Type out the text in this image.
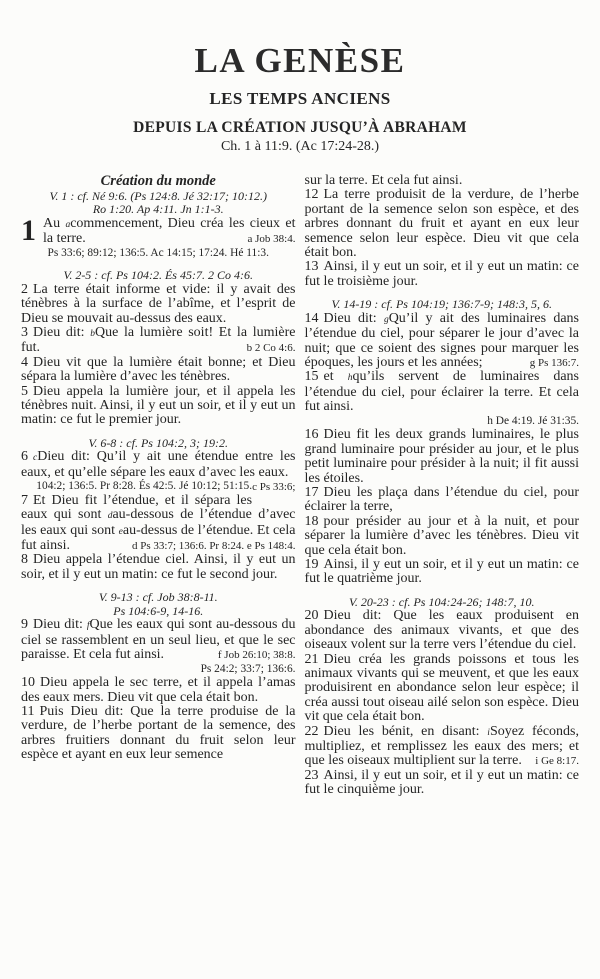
LA GENÈSE
LES TEMPS ANCIENS
DEPUIS LA CRÉATION JUSQU’À ABRAHAM
Ch. 1 à 11:9. (Ac 17:24-28.)
Création du monde
V. 1 : cf. Né 9:6. (Ps 124:8. Jé 32:17; 10:12.)
Ro 1:20. Ap 4:11. Jn 1:1-3.

1 Au acommencement, Dieu créa les cieux et la terre.	a Job 38:4.

Ps 33:6; 89:12; 136:5. Ac 14:15; 17:24. Hé 11:3.
V. 2-5 : cf. Ps 104:2. És 45:7. 2 Co 4:6.

2 La terre était informe et vide: il y avait des ténèbres à la surface de l’abîme, et l’esprit de Dieu se mouvait au-dessus des eaux.

3 Dieu dit: bQue la lumière soit! Et la lumière fut.	b 2 Co 4:6.

4 Dieu vit que la lumière était bonne; et Dieu sépara la lumière d’avec les ténèbres.

5 Dieu appela la lumière jour, et il appela les ténèbres nuit. Ainsi, il y eut un soir, et il y eut un matin: ce fut le premier jour.

V. 6-8 : cf. Ps 104:2, 3; 19:2.

6 cDieu dit: Qu’il y ait une étendue entre les eaux, et qu’elle sépare les eaux d’avec les eaux.
c Ps 33:6;

104:2; 136:5. Pr 8:28. És 42:5. Jé 10:12; 51:15.

7 Et Dieu fit l’étendue, et il sépara les eaux qui sont dau-dessous de l’étendue d’avec les eaux qui sont eau-dessus de l’étendue. Et cela fut ainsi.	d Ps 33:7; 136:6. Pr 8:24. e Ps 148:4.

8 Dieu appela l’étendue ciel. Ainsi, il y eut un soir, et il y eut un matin: ce fut le second jour.

V. 9-13 : cf. Job 38:8-11.
Ps 104:6-9, 14-16.

9 Dieu dit: fQue les eaux qui sont au-dessous du ciel se rassemblent en un seul lieu, et que le sec paraisse. Et cela fut ainsi.	f Job 26:10; 38:8.

Ps 24:2; 33:7; 136:6.

10 Dieu appela le sec terre, et il appela l’amas des eaux mers. Dieu vit que cela était bon.

11 Puis Dieu dit: Que la terre produise de la verdure, de l’herbe portant de la semence, des arbres fruitiers donnant du fruit selon leur espèce et ayant en eux leur semence

sur la terre. Et cela fut ainsi.

12 La terre produisit de la verdure, de l’herbe portant de la semence selon son espèce, et des arbres donnant du fruit et ayant en eux leur semence selon leur espèce. Dieu vit que cela était bon.

13 Ainsi, il y eut un soir, et il y eut un matin: ce fut le troisième jour.

V. 14-19 : cf. Ps 104:19; 136:7-9; 148:3, 5, 6.

14 Dieu dit: gQu’il y ait des luminaires dans l’étendue du ciel, pour séparer le jour d’avec la nuit; que ce soient des signes pour marquer les époques, les jours et les années;	g Ps 136:7.

15 et hqu’ils servent de luminaires dans l’étendue du ciel, pour éclairer la terre. Et cela fut ainsi.

h De 4:19. Jé 31:35.

16 Dieu fit les deux grands luminaires, le plus grand luminaire pour présider au jour, et le plus petit luminaire pour présider à la nuit; il fit aussi les étoiles.

17 Dieu les plaça dans l’étendue du ciel, pour éclairer la terre,

18 pour présider au jour et à la nuit, et pour séparer la lumière d’avec les ténèbres. Dieu vit que cela était bon.

19 Ainsi, il y eut un soir, et il y eut un matin: ce fut le quatrième jour.

V. 20-23 : cf. Ps 104:24-26; 148:7, 10.

20 Dieu dit: Que les eaux produisent en abondance des animaux vivants, et que des oiseaux volent sur la terre vers l’étendue du ciel.

21 Dieu créa les grands poissons et tous les animaux vivants qui se meuvent, et que les eaux produisirent en abondance selon leur espèce; il créa aussi tout oiseau ailé selon son espèce. Dieu vit que cela était bon.

22 Dieu les bénit, en disant: iSoyez féconds, multipliez, et remplissez les eaux des mers; et que les oiseaux multiplient sur la terre. i Ge 8:17.

23 Ainsi, il y eut un soir, et il y eut un matin: ce fut le cinquième jour.
